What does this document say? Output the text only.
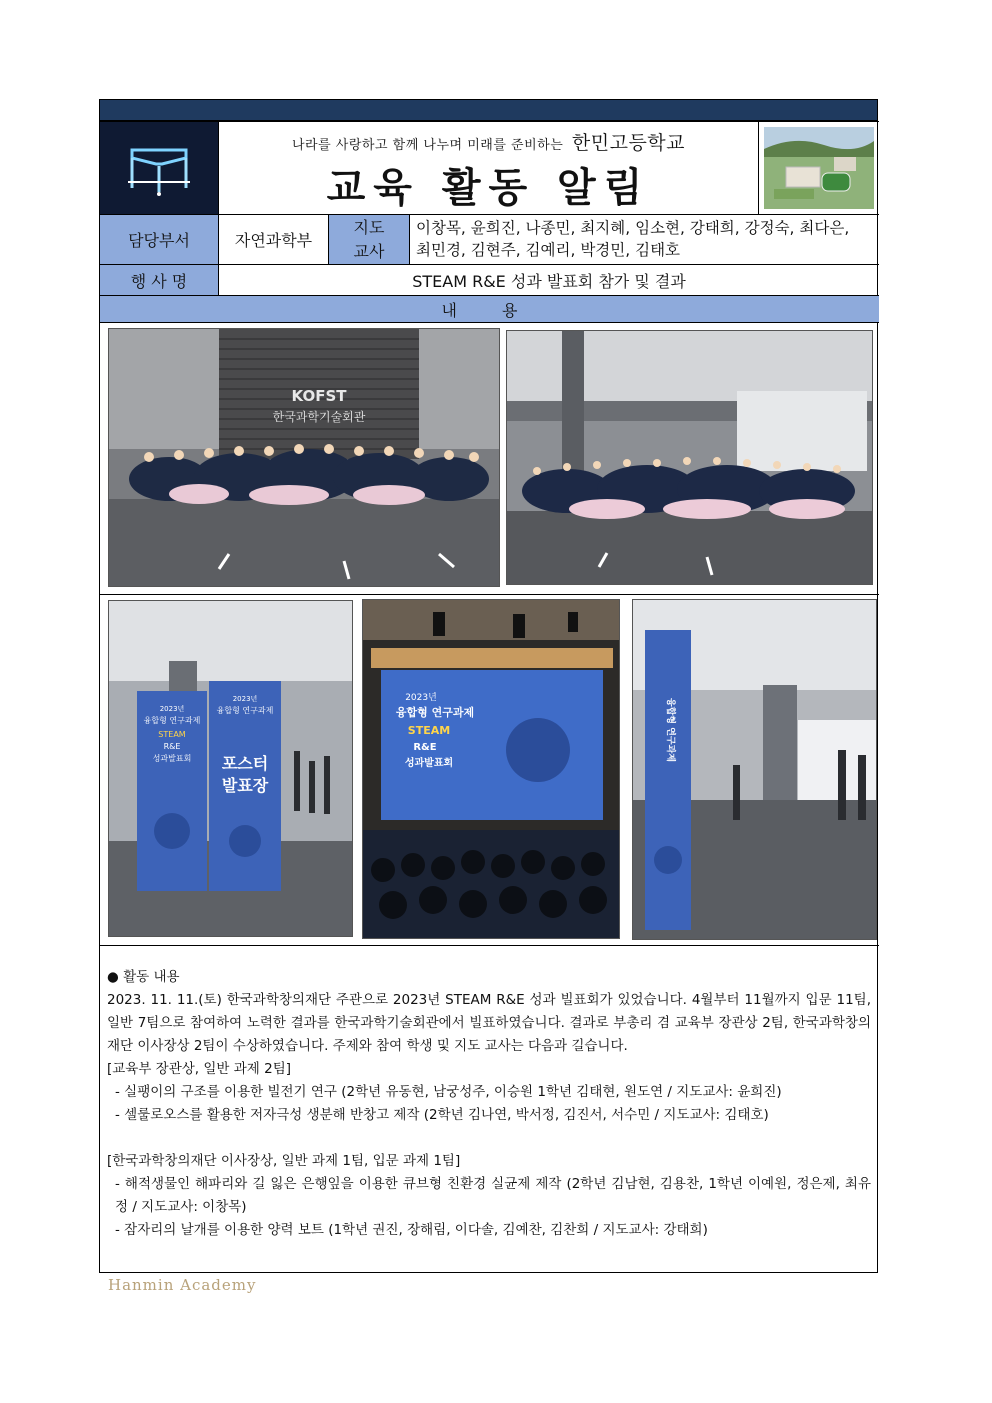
나라를 사랑하고 함께 나누며 미래를 준비하는 한민고등학교
교육 활동 알림
담당부서	자연과학부
지도
교사
이창목, 윤희진, 나종민, 최지혜, 임소현, 강태희, 강정숙, 최다은,
최민경, 김현주, 김예리, 박경민, 김태호
행 사 명	STEAM R&E 성과 발표회 참가 및 결과
내 용
KOFST
한국과학기술회관
2023년
융합형 연구과제
STEAM
R&E
성과발표회
2023년
융합형 연구과제
포스터
발표장
2023년
융합형 연구과제
STEAM
R&E
성과발표회
융합형 연구과제

● 활동 내용

2023. 11. 11.(토) 한국과학창의재단 주관으로 2023년 STEAM R&E 성과 빌표회가 있었습니다. 4월부터 11월까지 입문 11팀, 일반 7팀으로 참여하여 노력한 결과를 한국과학기술회관에서 빌표하였습니다. 결과로 부총리 겸 교육부 장관상 2팀, 한국과학창의재단 이사장상 2팀이 수상하였습니다. 주제와 참여 학생 및 지도 교사는 다음과 길습니다.

[교육부 장관상, 일반 과제 2팀]

- 실팽이의 구조를 이용한 빌전기 연구 (2학년 유동현, 남궁성주, 이승원 1학년 김태현, 원도연 / 지도교사: 윤희진)

- 셀룰로오스를 활용한 저자극성 생분해 반창고 제작 (2학년 김나연, 박서정, 김진서, 서수민 / 지도교사: 김태호)

[한국과학창의재단 이사장상, 일반 과제 1팀, 입문 과제 1팀]

- 해적생물인 해파리와 길 잃은 은행잎을 이용한 큐브형 친환경 실균제 제작 (2학년 김남현, 김용찬, 1학년 이예원, 정은제, 최유정 / 지도교사: 이창목)

- 잠자리의 날개를 이용한 양력 보트 (1학년 권진, 장해림, 이다솔, 김예찬, 김찬희 / 지도교사: 강태희)

Hanmin Academy
